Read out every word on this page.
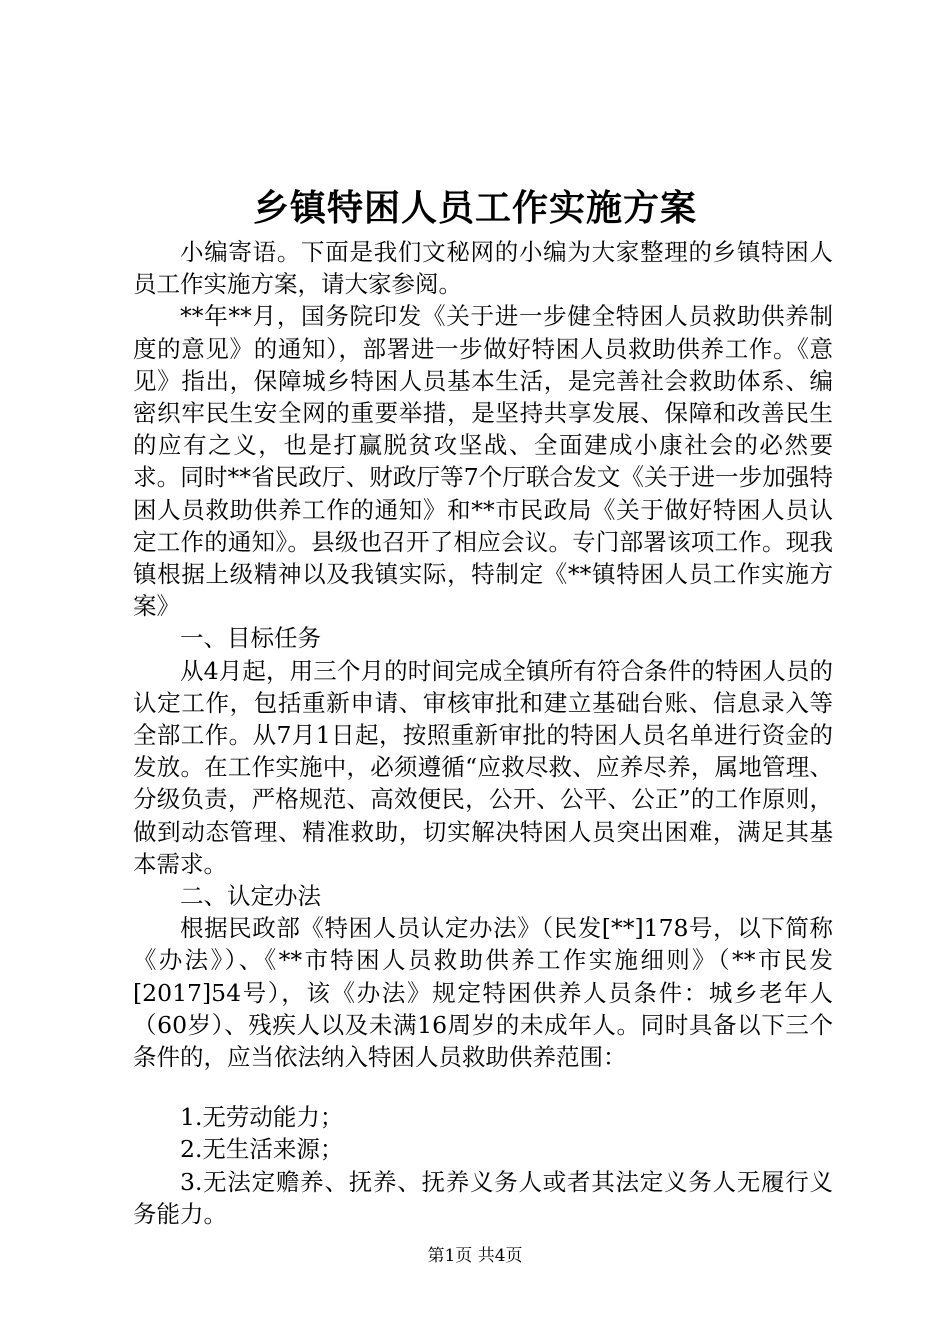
乡镇特困人员工作实施方案

小编寄语。下面是我们文秘网的小编为大家整理的乡镇特困人员工作实施方案，请大家参阅。

**年**月，国务院印发《关于进一步健全特困人员救助供养制度的意见》的通知），部署进一步做好特困人员救助供养工作。《意见》指出，保障城乡特困人员基本生活，是完善社会救助体系、编密织牢民生安全网的重要举措，是坚持共享发展、保障和改善民生的应有之义，也是打赢脱贫攻坚战、全面建成小康社会的必然要求。同时**省民政厅、财政厅等7个厅联合发文《关于进一步加强特困人员救助供养工作的通知》和**市民政局《关于做好特困人员认定工作的通知》。县级也召开了相应会议。专门部署该项工作。现我镇根据上级精神以及我镇实际，特制定《**镇特困人员工作实施方案》

一、目标任务

从4月起，用三个月的时间完成全镇所有符合条件的特困人员的认定工作，包括重新申请、审核审批和建立基础台账、信息录入等全部工作。从7月1日起，按照重新审批的特困人员名单进行资金的发放。在工作实施中，必须遵循“应救尽救、应养尽养，属地管理、分级负责，严格规范、高效便民，公开、公平、公正”的工作原则，做到动态管理、精准救助，切实解决特困人员突出困难，满足其基本需求。

二、认定办法

根据民政部《特困人员认定办法》（民发[**]178号，以下简称《办法》）、《**市特困人员救助供养工作实施细则》（**市民发[2017]54号），该《办法》规定特困供养人员条件：城乡老年人（60岁）、残疾人以及未满16周岁的未成年人。同时具备以下三个条件的，应当依法纳入特困人员救助供养范围：

1.无劳动能力；

2.无生活来源；

3.无法定赡养、抚养、抚养义务人或者其法定义务人无履行义务能力。

第1页 共4页
